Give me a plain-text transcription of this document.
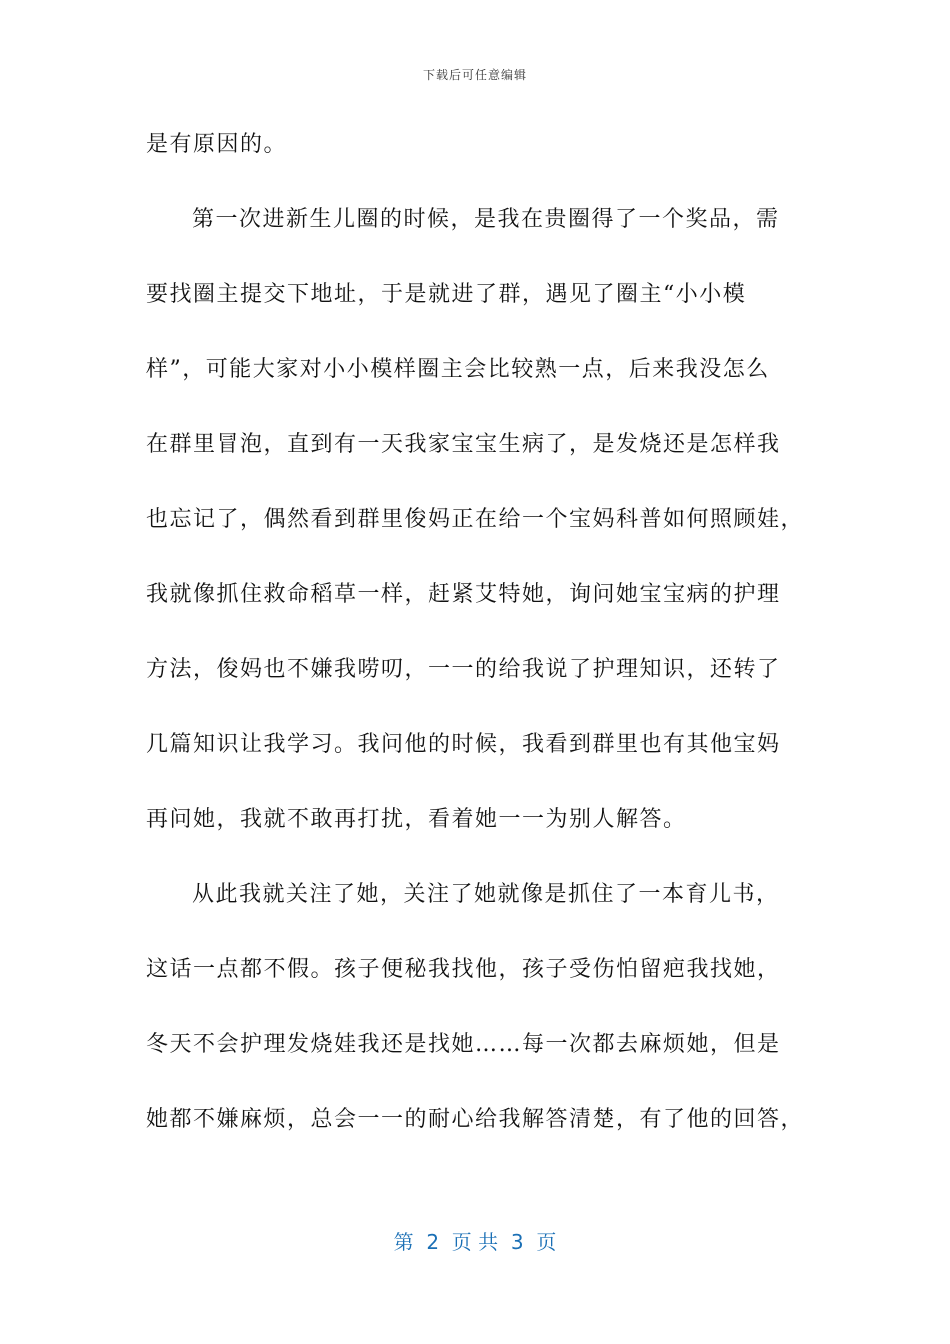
下载后可任意编辑
是有原因的。
第一次进新生儿圈的时候，是我在贵圈得了一个奖品，需
要找圈主提交下地址，于是就进了群，遇见了圈主“小小模
样”，可能大家对小小模样圈主会比较熟一点，后来我没怎么
在群里冒泡，直到有一天我家宝宝生病了，是发烧还是怎样我
也忘记了，偶然看到群里俊妈正在给一个宝妈科普如何照顾娃，
我就像抓住救命稻草一样，赶紧艾特她，询问她宝宝病的护理
方法，俊妈也不嫌我唠叨，一一的给我说了护理知识，还转了
几篇知识让我学习。我问他的时候，我看到群里也有其他宝妈
再问她，我就不敢再打扰，看着她一一为别人解答。
从此我就关注了她，关注了她就像是抓住了一本育儿书，
这话一点都不假。孩子便秘我找他，孩子受伤怕留疤我找她，
冬天不会护理发烧娃我还是找她……每一次都去麻烦她，但是
她都不嫌麻烦，总会一一的耐心给我解答清楚，有了他的回答，
第  2  页 共  3  页
